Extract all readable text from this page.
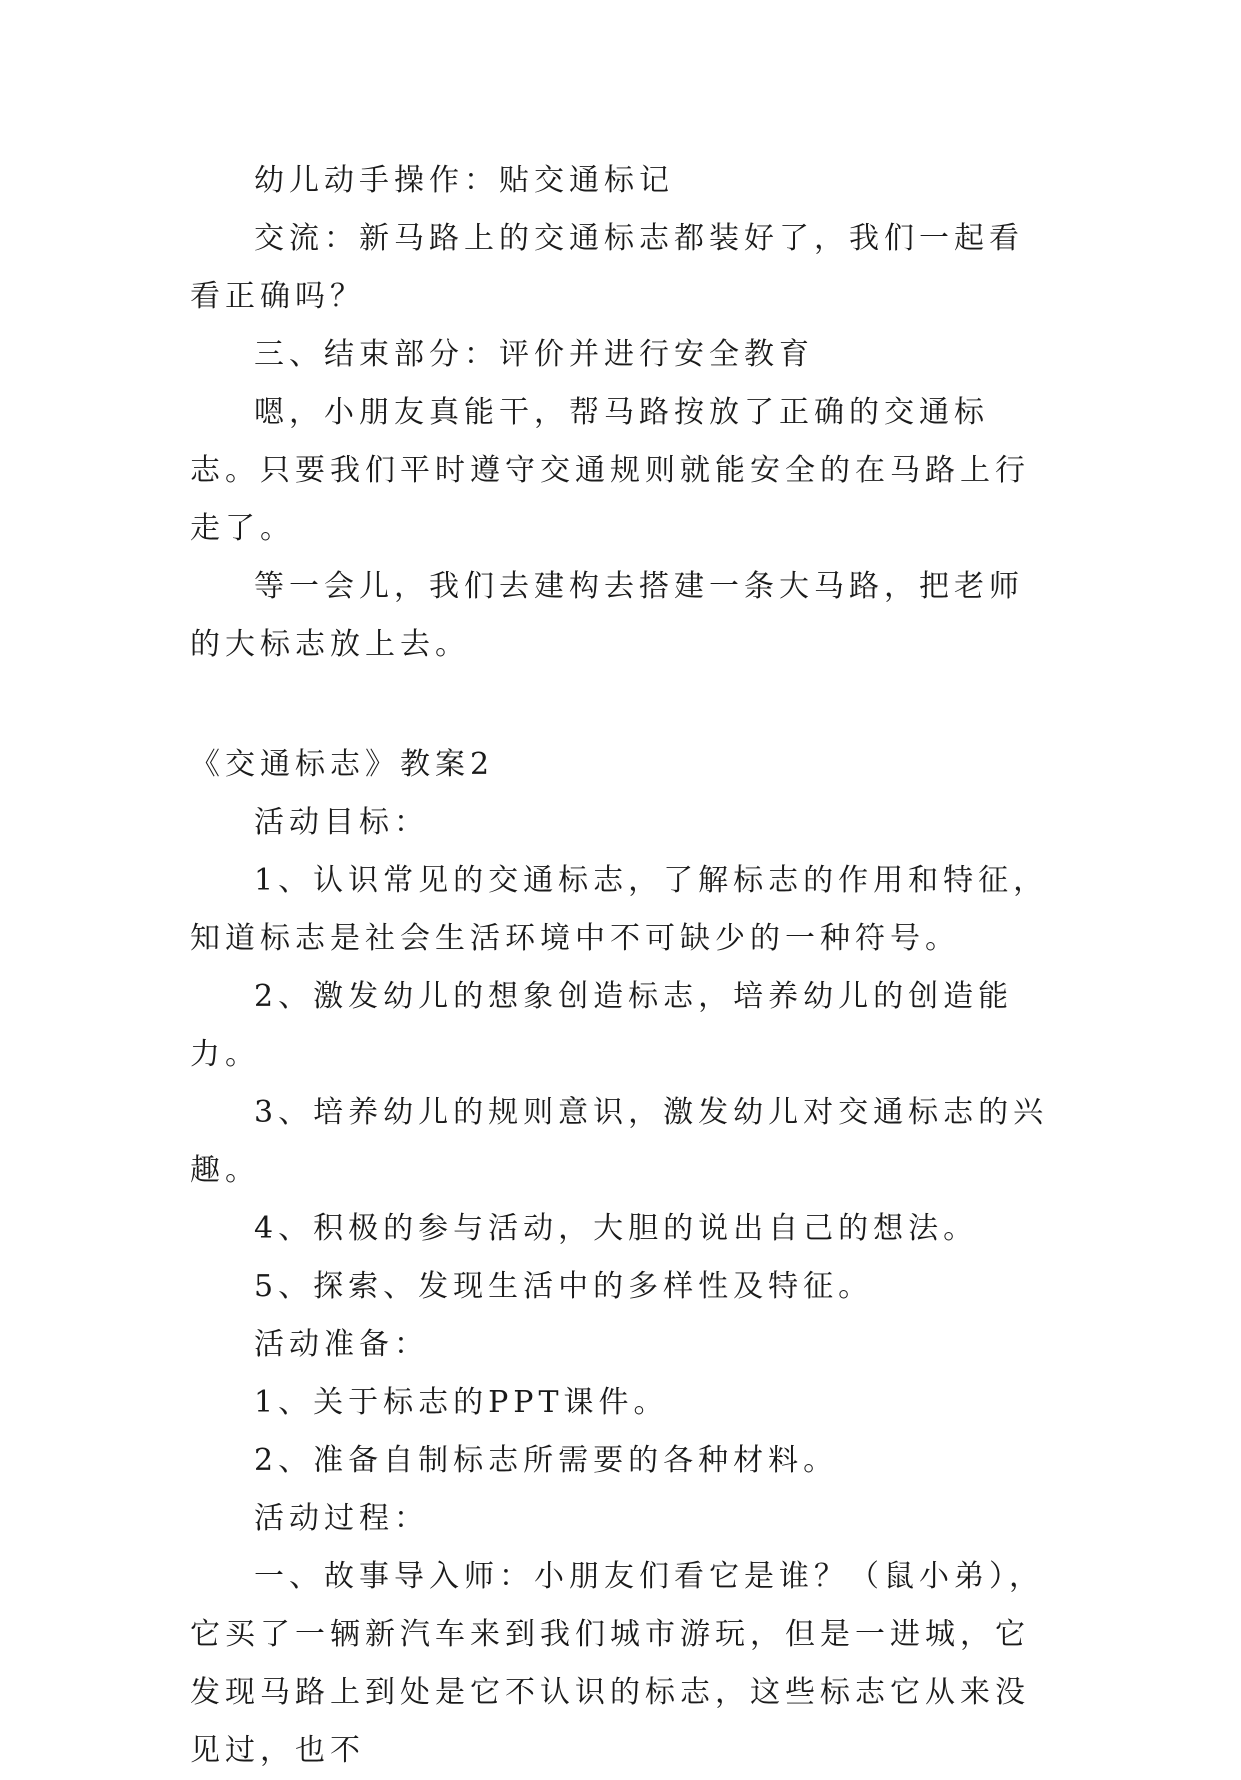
幼儿动手操作：贴交通标记

交流：新马路上的交通标志都装好了，我们一起看看正确吗？

三、结束部分：评价并进行安全教育

嗯，小朋友真能干，帮马路按放了正确的交通标志。只要我们平时遵守交通规则就能安全的在马路上行走了。

等一会儿，我们去建构去搭建一条大马路，把老师的大标志放上去。

《交通标志》教案2

活动目标：

1、认识常见的交通标志，了解标志的作用和特征，知道标志是社会生活环境中不可缺少的一种符号。

2、激发幼儿的想象创造标志，培养幼儿的创造能力。

3、培养幼儿的规则意识，激发幼儿对交通标志的兴趣。

4、积极的参与活动，大胆的说出自己的想法。

5、探索、发现生活中的多样性及特征。

活动准备：

1、关于标志的PPT课件。

2、准备自制标志所需要的各种材料。

活动过程：

一、故事导入师：小朋友们看它是谁？（鼠小弟），它买了一辆新汽车来到我们城市游玩，但是一进城，它发现马路上到处是它不认识的标志，这些标志它从来没见过，也不
